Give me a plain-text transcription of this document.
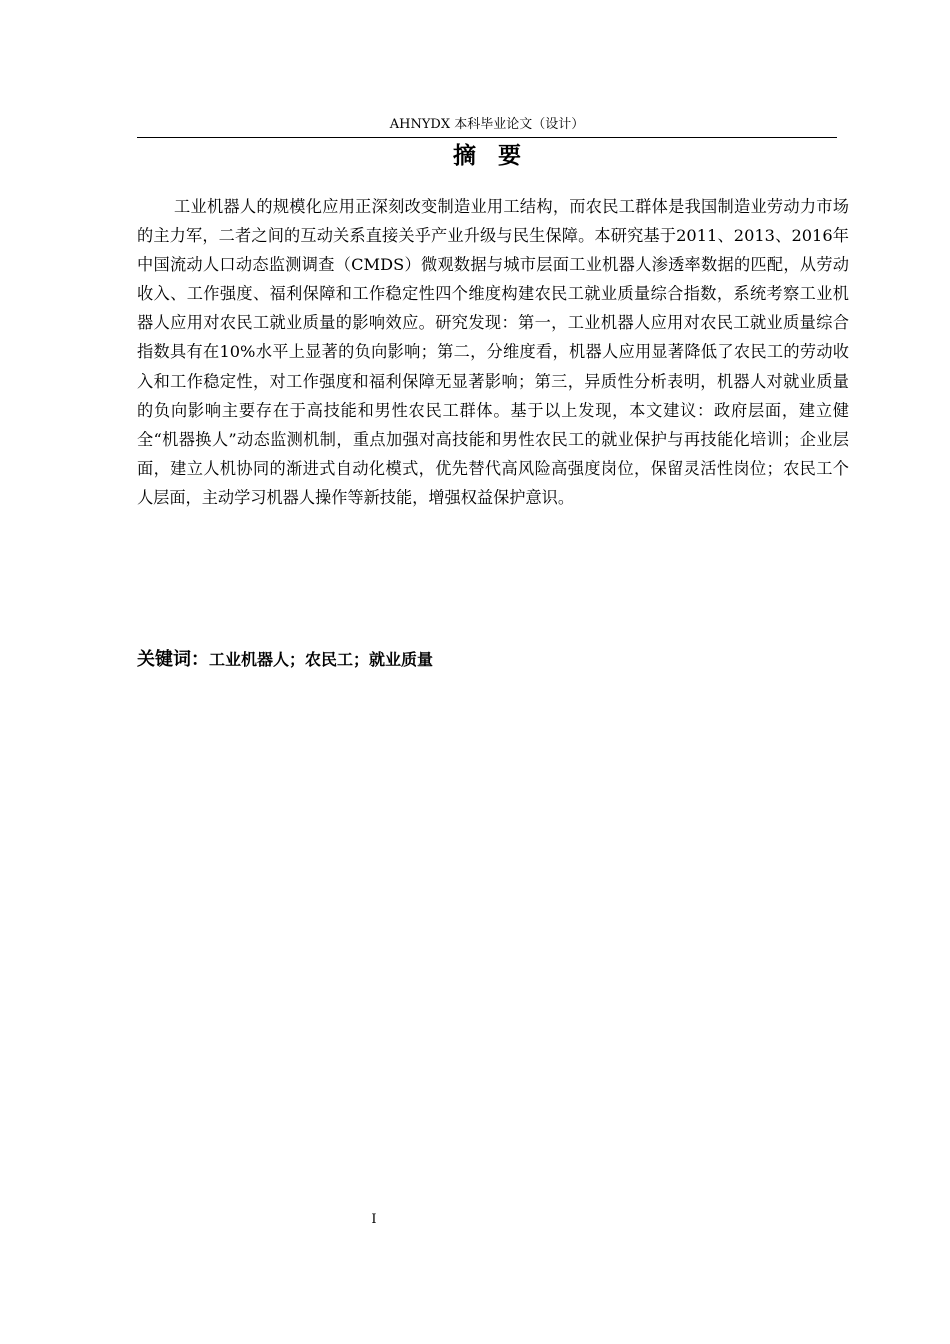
AHNYDX 本科毕业论文（设计）
摘要

工业机器人的规模化应用正深刻改变制造业用工结构，而农民工群体是我国制造业劳动力市场的主力军，二者之间的互动关系直接关乎产业升级与民生保障。本研究基于2011、2013、2016年中国流动人口动态监测调查（CMDS）微观数据与城市层面工业机器人渗透率数据的匹配，从劳动收入、工作强度、福利保障和工作稳定性四个维度构建农民工就业质量综合指数，系统考察工业机器人应用对农民工就业质量的影响效应。研究发现：第一，工业机器人应用对农民工就业质量综合指数具有在10%水平上显著的负向影响；第二，分维度看，机器人应用显著降低了农民工的劳动收入和工作稳定性，对工作强度和福利保障无显著影响；第三，异质性分析表明，机器人对就业质量的负向影响主要存在于高技能和男性农民工群体。基于以上发现，本文建议：政府层面，建立健全“机器换人”动态监测机制，重点加强对高技能和男性农民工的就业保护与再技能化培训；企业层面，建立人机协同的渐进式自动化模式，优先替代高风险高强度岗位，保留灵活性岗位；农民工个人层面，主动学习机器人操作等新技能，增强权益保护意识。

关键词：工业机器人；农民工；就业质量
I
